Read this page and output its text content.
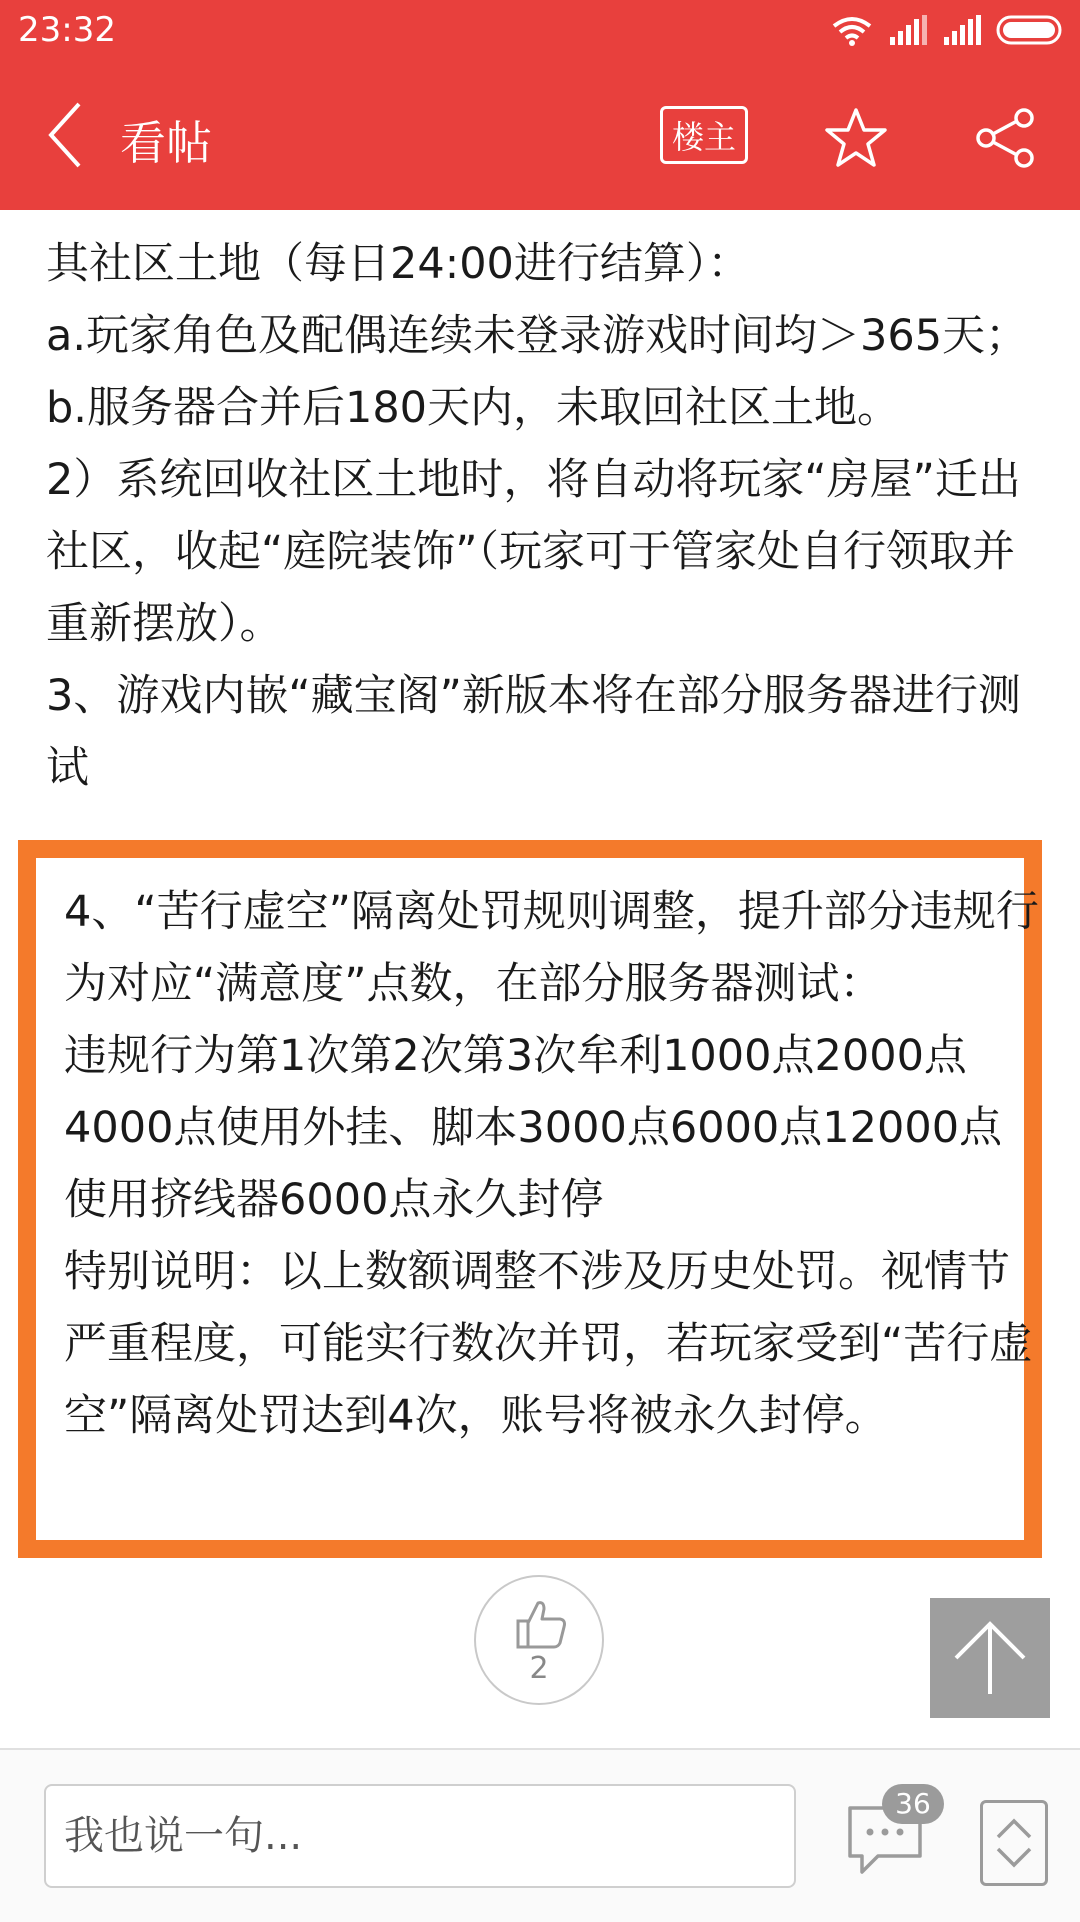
23:32
看帖	楼主
其社区土地（每日24:00进行结算）：
a.玩家角色及配偶连续未登录游戏时间均＞365天；
b.服务器合并后180天内，未取回社区土地。
2）系统回收社区土地时，将自动将玩家“房屋”迁出社区，收起“庭院装饰”（玩家可于管家处自行领取并重新摆放）。
3、游戏内嵌“藏宝阁”新版本将在部分服务器进行测试
4、“苦行虚空”隔离处罚规则调整，提升部分违规行为对应“满意度”点数，在部分服务器测试：
违规行为第1次第2次第3次牟利1000点2000点4000点使用外挂、脚本3000点6000点12000点使用挤线器6000点永久封停
特别说明：以上数额调整不涉及历史处罚。视情节严重程度，可能实行数次并罚，若玩家受到“苦行虚空”隔离处罚达到4次，账号将被永久封停。
2
我也说一句...
36
